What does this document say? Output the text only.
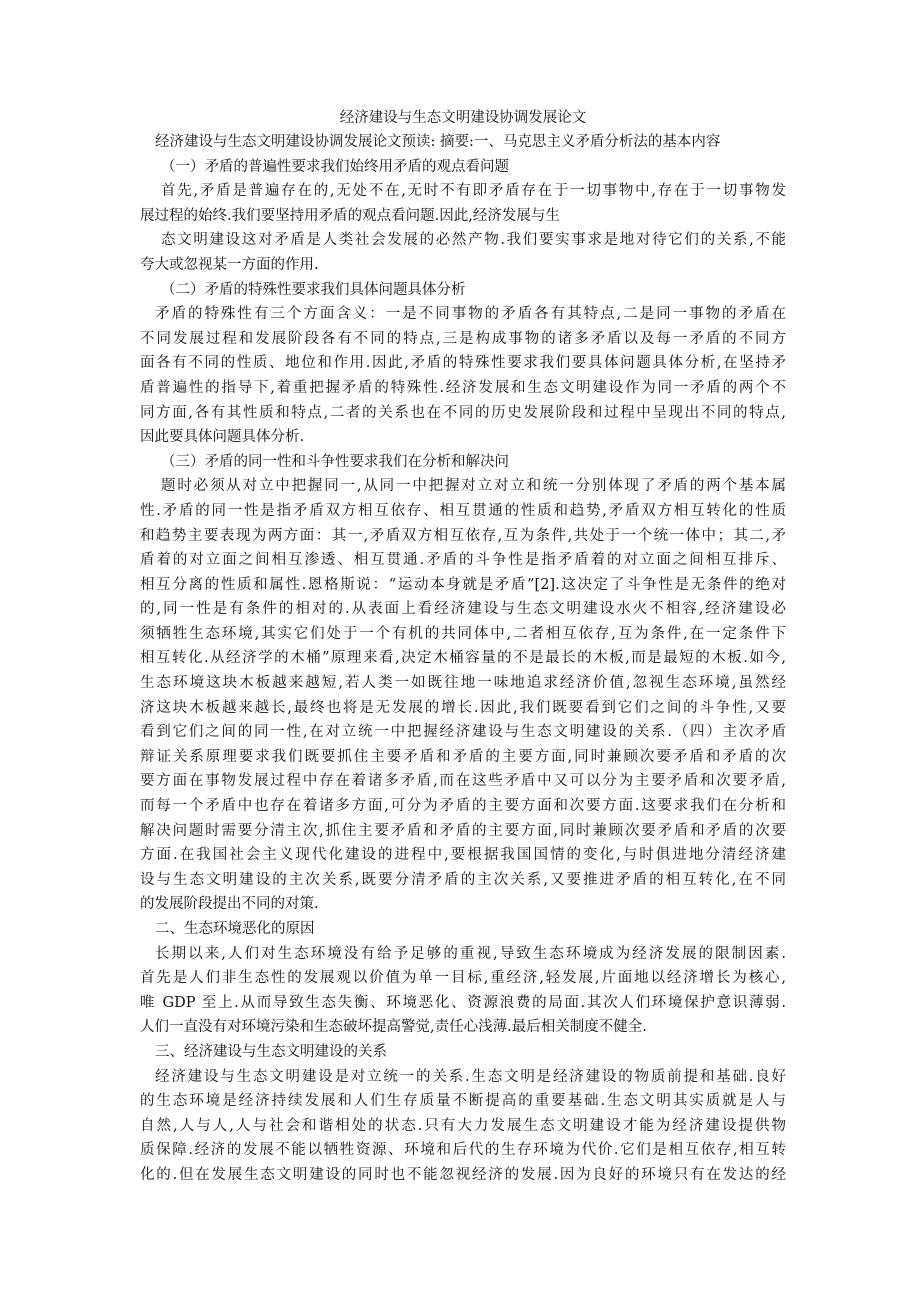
经济建设与生态文明建设协调发展论文
经济建设与生态文明建设协调发展论文预读: 摘要:一、马克思主义矛盾分析法的基本内容
（一）矛盾的普遍性要求我们始终用矛盾的观点看问题
首先,矛盾是普遍存在的,无处不在,无时不有即矛盾存在于一切事物中,存在于一切事物发
展过程的始终.我们要坚持用矛盾的观点看问题.因此,经济发展与生
态文明建设这对矛盾是人类社会发展的必然产物.我们要实事求是地对待它们的关系,不能
夸大或忽视某一方面的作用.
（二）矛盾的特殊性要求我们具体问题具体分析
矛盾的特殊性有三个方面含义：一是不同事物的矛盾各有其特点,二是同一事物的矛盾在
不同发展过程和发展阶段各有不同的特点,三是构成事物的诸多矛盾以及每一矛盾的不同方
面各有不同的性质、地位和作用.因此,矛盾的特殊性要求我们要具体问题具体分析,在坚持矛
盾普遍性的指导下,着重把握矛盾的特殊性.经济发展和生态文明建设作为同一矛盾的两个不
同方面,各有其性质和特点,二者的关系也在不同的历史发展阶段和过程中呈现出不同的特点,
因此要具体问题具体分析.
（三）矛盾的同一性和斗争性要求我们在分析和解决问
题时必须从对立中把握同一,从同一中把握对立对立和统一分别体现了矛盾的两个基本属
性.矛盾的同一性是指矛盾双方相互依存、相互贯通的性质和趋势,矛盾双方相互转化的性质
和趋势主要表现为两方面：其一,矛盾双方相互依存,互为条件,共处于一个统一体中；其二,矛
盾着的对立面之间相互渗透、相互贯通.矛盾的斗争性是指矛盾着的对立面之间相互排斥、
相互分离的性质和属性.恩格斯说：“运动本身就是矛盾”[2].这决定了斗争性是无条件的绝对
的,同一性是有条件的相对的.从表面上看经济建设与生态文明建设水火不相容,经济建设必
须牺牲生态环境,其实它们处于一个有机的共同体中,二者相互依存,互为条件,在一定条件下
相互转化.从经济学的木桶”原理来看,决定木桶容量的不是最长的木板,而是最短的木板.如今,
生态环境这块木板越来越短,若人类一如既往地一味地追求经济价值,忽视生态环境,虽然经
济这块木板越来越长,最终也将是无发展的增长.因此,我们既要看到它们之间的斗争性,又要
看到它们之间的同一性,在对立统一中把握经济建设与生态文明建设的关系.（四）主次矛盾
辩证关系原理要求我们既要抓住主要矛盾和矛盾的主要方面,同时兼顾次要矛盾和矛盾的次
要方面在事物发展过程中存在着诸多矛盾,而在这些矛盾中又可以分为主要矛盾和次要矛盾,
而每一个矛盾中也存在着诸多方面,可分为矛盾的主要方面和次要方面.这要求我们在分析和
解决问题时需要分清主次,抓住主要矛盾和矛盾的主要方面,同时兼顾次要矛盾和矛盾的次要
方面.在我国社会主义现代化建设的进程中,要根据我国国情的变化,与时俱进地分清经济建
设与生态文明建设的主次关系,既要分清矛盾的主次关系,又要推进矛盾的相互转化,在不同
的发展阶段提出不同的对策.
二、生态环境恶化的原因
长期以来,人们对生态环境没有给予足够的重视,导致生态环境成为经济发展的限制因素.
首先是人们非生态性的发展观以价值为单一目标,重经济,轻发展,片面地以经济增长为核心,
唯 GDP 至上.从而导致生态失衡、环境恶化、资源浪费的局面.其次人们环境保护意识薄弱.
人们一直没有对环境污染和生态破坏提高警觉,责任心浅薄.最后相关制度不健全.
三、经济建设与生态文明建设的关系
经济建设与生态文明建设是对立统一的关系.生态文明是经济建设的物质前提和基础.良好
的生态环境是经济持续发展和人们生存质量不断提高的重要基础.生态文明其实质就是人与
自然,人与人,人与社会和谐相处的状态.只有大力发展生态文明建设才能为经济建设提供物
质保障.经济的发展不能以牺牲资源、环境和后代的生存环境为代价.它们是相互依存,相互转
化的.但在发展生态文明建设的同时也不能忽视经济的发展.因为良好的环境只有在发达的经
